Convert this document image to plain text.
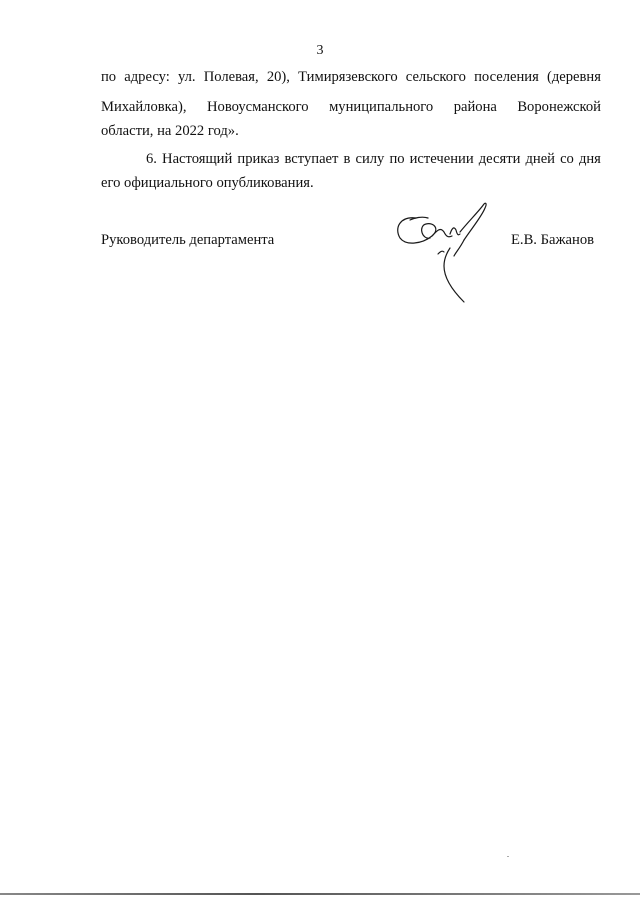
3
по адресу: ул. Полевая, 20), Тимирязевского сельского поселения (деревня
Михайловка), Новоусманского муниципального района Воронежской
области, на 2022 год».
6. Настоящий приказ вступает в силу по истечении десяти дней со дня
его официального опубликования.
Руководитель департамента	Е.В. Бажанов
